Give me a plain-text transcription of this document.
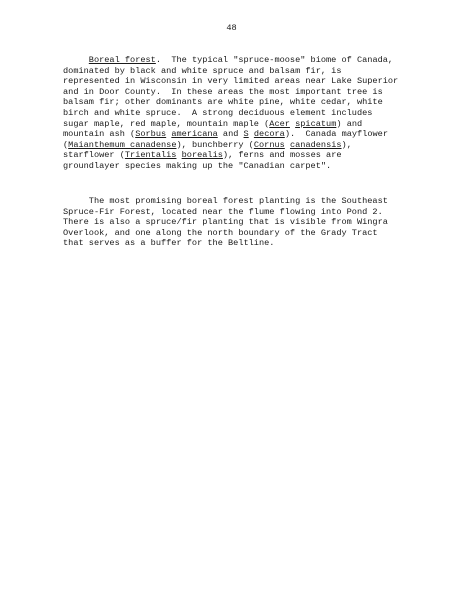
48
Boreal forest.  The typical "spruce-moose" biome of Canada,
dominated by black and white spruce and balsam fir, is
represented in Wisconsin in very limited areas near Lake Superior
and in Door County.  In these areas the most important tree is
balsam fir; other dominants are white pine, white cedar, white
birch and white spruce.  A strong deciduous element includes
sugar maple, red maple, mountain maple (Acer spicatum) and
mountain ash (Sorbus americana and S decora).  Canada mayflower
(Maianthemum canadense), bunchberry (Cornus canadensis),
starflower (Trientalis borealis), ferns and mosses are
groundlayer species making up the "Canadian carpet".
The most promising boreal forest planting is the Southeast
Spruce-Fir Forest, located near the flume flowing into Pond 2.
There is also a spruce/fir planting that is visible from Wingra
Overlook, and one along the north boundary of the Grady Tract
that serves as a buffer for the Beltline.
